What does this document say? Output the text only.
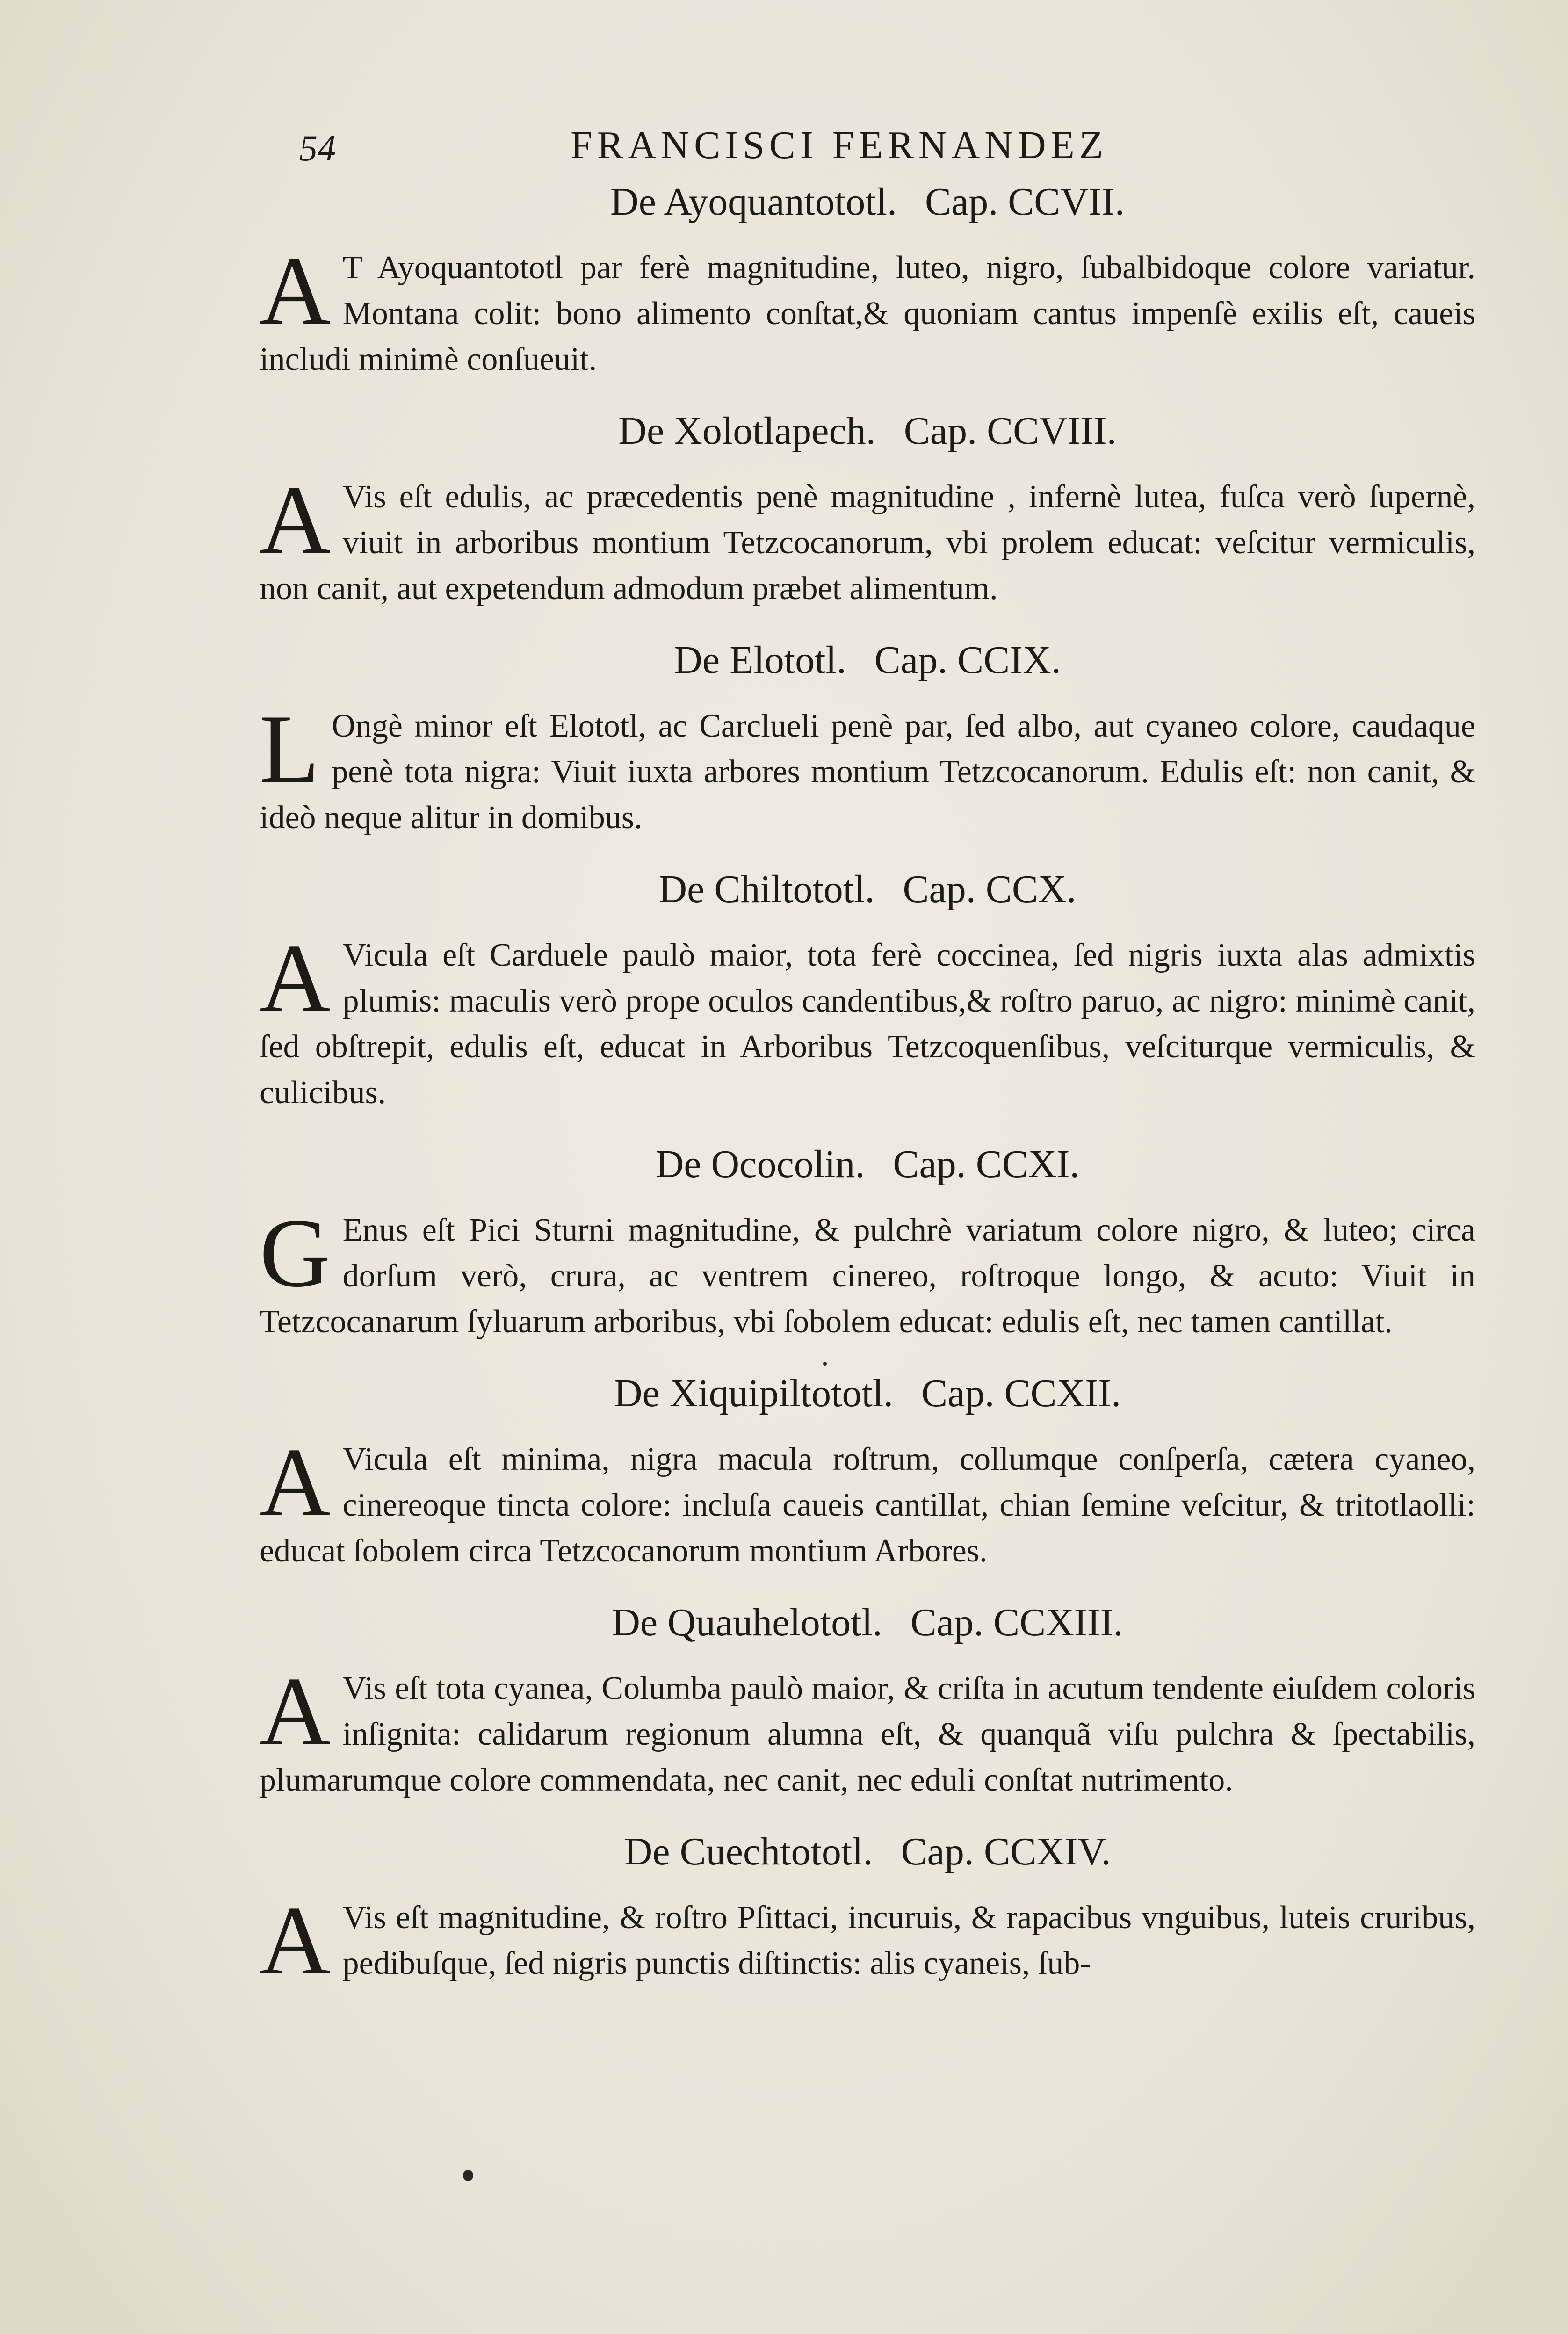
54	FRANCISCI FERNANDEZ
De Ayoquantototl. Cap. CCVII.
A T Ayoquantototl par ferè magnitudine, luteo, nigro, ſubalbidoque colore variatur. Montana colit: bono alimento conſtat,& quoniam cantus impenſè exilis eſt, caueis includi minimè conſueuit.
De Xolotlapech. Cap. CCVIII.
A Vis eſt edulis, ac præcedentis penè magnitudine , infernè lutea, fuſca verò ſupernè, viuit in arboribus montium Tetzcocanorum, vbi prolem educat: veſcitur vermiculis, non canit, aut expetendum admodum præbet alimentum.
De Elototl. Cap. CCIX.
L Ongè minor eſt Elototl, ac Carclueli penè par, ſed albo, aut cyaneo colore, caudaque penè tota nigra: Viuit iuxta arbores montium Tetzcocanorum. Edulis eſt: non canit, & ideò neque alitur in domibus.
De Chiltototl. Cap. CCX.
A Vicula eſt Carduele paulò maior, tota ferè coccinea, ſed nigris iuxta alas admixtis plumis: maculis verò prope oculos candentibus,& roſtro paruo, ac nigro: minimè canit, ſed obſtrepit, edulis eſt, educat in Arboribus Tetzcoquenſibus, veſciturque vermiculis, & culicibus.
De Ococolin. Cap. CCXI.
G Enus eſt Pici Sturni magnitudine, & pulchrè variatum colore nigro, & luteo; circa dorſum verò, crura, ac ventrem cinereo, roſtroque longo, & acuto: Viuit in Tetzcocanarum ſyluarum arboribus, vbi ſobolem educat: edulis eſt, nec tamen cantillat.
De Xiquipiltototl. Cap. CCXII.
A Vicula eſt minima, nigra macula roſtrum, collumque conſperſa, cætera cyaneo, cinereoque tincta colore: incluſa caueis cantillat, chian ſemine veſcitur, & tritotlaolli: educat ſobolem circa Tetzcocanorum montium Arbores.
De Quauhelototl. Cap. CCXIII.
A Vis eſt tota cyanea, Columba paulò maior, & criſta in acutum tendente eiuſdem coloris inſignita: calidarum regionum alumna eſt, & quanquã viſu pulchra & ſpectabilis, plumarumque colore commendata, nec canit, nec eduli conſtat nutrimento.
De Cuechtototl. Cap. CCXIV.
A Vis eſt magnitudine, & roſtro Pſittaci, incuruis, & rapacibus vnguibus, luteis cruribus, pedibuſque, ſed nigris punctis diſtinctis: alis cyaneis, ſub-
